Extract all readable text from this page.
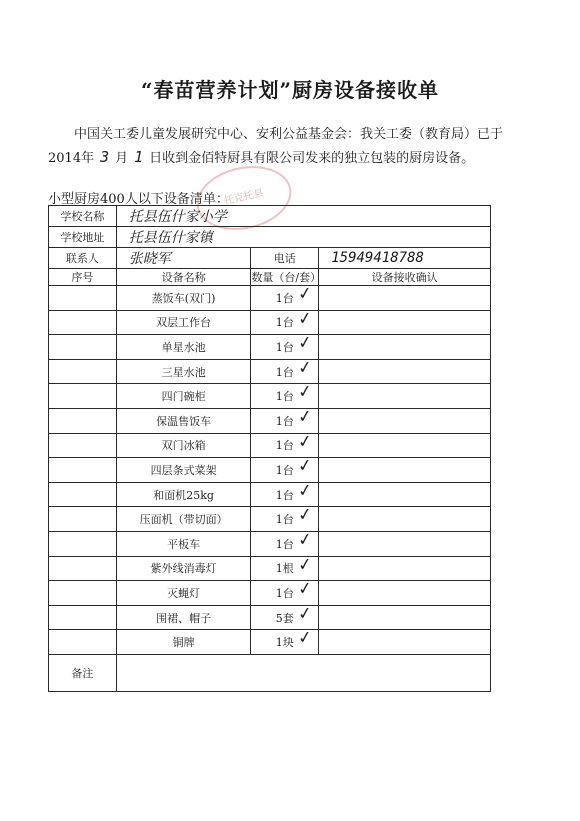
“春苗营养计划”厨房设备接收单
中国关工委儿童发展研究中心、安利公益基金会：我关工委（教育局）已于2014年 3 月 1 日收到金佰特厨具有限公司发来的独立包装的厨房设备。
托克托县
小型厨房400人以下设备清单：
学校名称	托县伍什家小学		
学校地址	托县伍什家镇		
联系人	张晓军	电话	15949418788
序号	设备名称	数量（台/套）	设备接收确认
	蒸饭车(双门)	1台 ✓	

	双层工作台	1台 ✓	

	单星水池	1台 ✓	

	三星水池	1台 ✓	

	四门碗柜	1台 ✓	

	保温售饭车	1台 ✓	

	双门冰箱	1台 ✓	

	四层条式菜架	1台 ✓	

	和面机25kg	1台 ✓	

	压面机（带切面）	1台 ✓	

	平板车	1台 ✓	

	紫外线消毒灯	1根 ✓	

	灭蝇灯	1台 ✓	

	围裙、帽子	5套 ✓	

	铜牌	1块 ✓	

备注			
